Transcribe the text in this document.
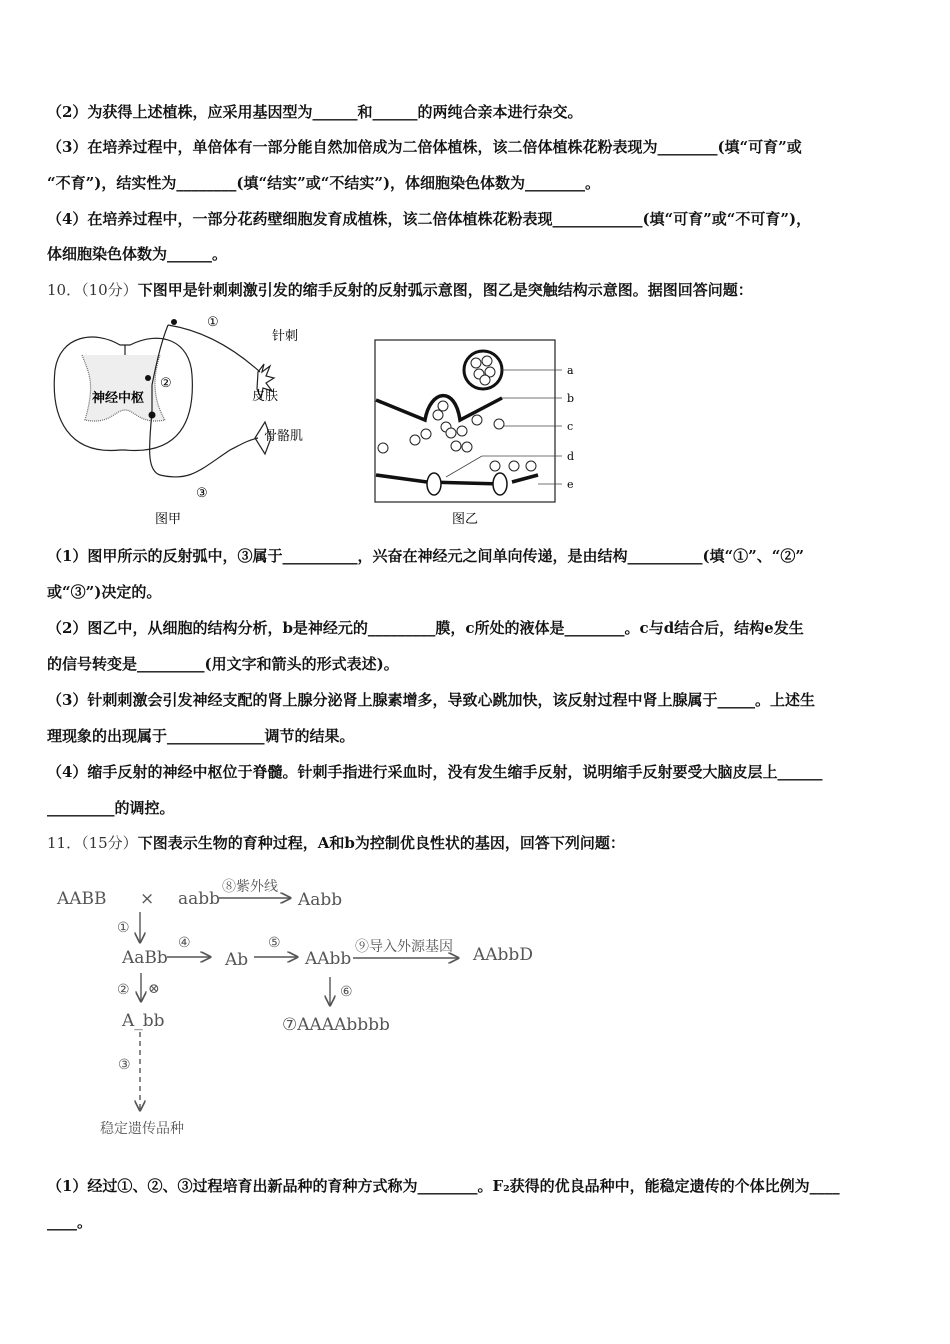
（2）为获得上述植株，应采用基因型为______和______的两纯合亲本进行杂交。
（3）在培养过程中，单倍体有一部分能自然加倍成为二倍体植株，该二倍体植株花粉表现为________(填“可育”或
“不育”)，结实性为________(填“结实”或“不结实”)，体细胞染色体数为________。
（4）在培养过程中，一部分花药壁细胞发育成植株，该二倍体植株花粉表现____________(填“可育”或“不可育”)，
体细胞染色体数为______。
10．（10分）下图甲是针刺刺激引发的缩手反射的反射弧示意图，图乙是突触结构示意图。据图回答问题：
①
②
③
针刺
皮肤
骨骼肌
神经中枢
图甲
a
b
c
d
e
图乙
（1）图甲所示的反射弧中，③属于__________，兴奋在神经元之间单向传递，是由结构__________(填“①”、“②”
或“③”)决定的。
（2）图乙中，从细胞的结构分析，b是神经元的_________膜，c所处的液体是________。c与d结合后，结构e发生
的信号转变是_________(用文字和箭头的形式表述)。
（3）针刺刺激会引发神经支配的肾上腺分泌肾上腺素增多，导致心跳加快，该反射过程中肾上腺属于_____。上述生
理现象的出现属于_____________调节的结果。
（4）缩手反射的神经中枢位于脊髓。针刺手指进行采血时，没有发生缩手反射，说明缩手反射要受大脑皮层上______
_________的调控。
11．（15分）下图表示生物的育种过程，A和b为控制优良性状的基因，回答下列问题：
AABB × aabb	Aabb
AaBb	Ab	AAbb	AAbbD
A_bb	⑦AAAAbbbb
⑧紫外线
①
④	⑤	⑨导入外源基因
② ⊗	⑥
③
稳定遗传品种
（1）经过①、②、③过程培育出新品种的育种方式称为________。F₂获得的优良品种中，能稳定遗传的个体比例为____
____。
